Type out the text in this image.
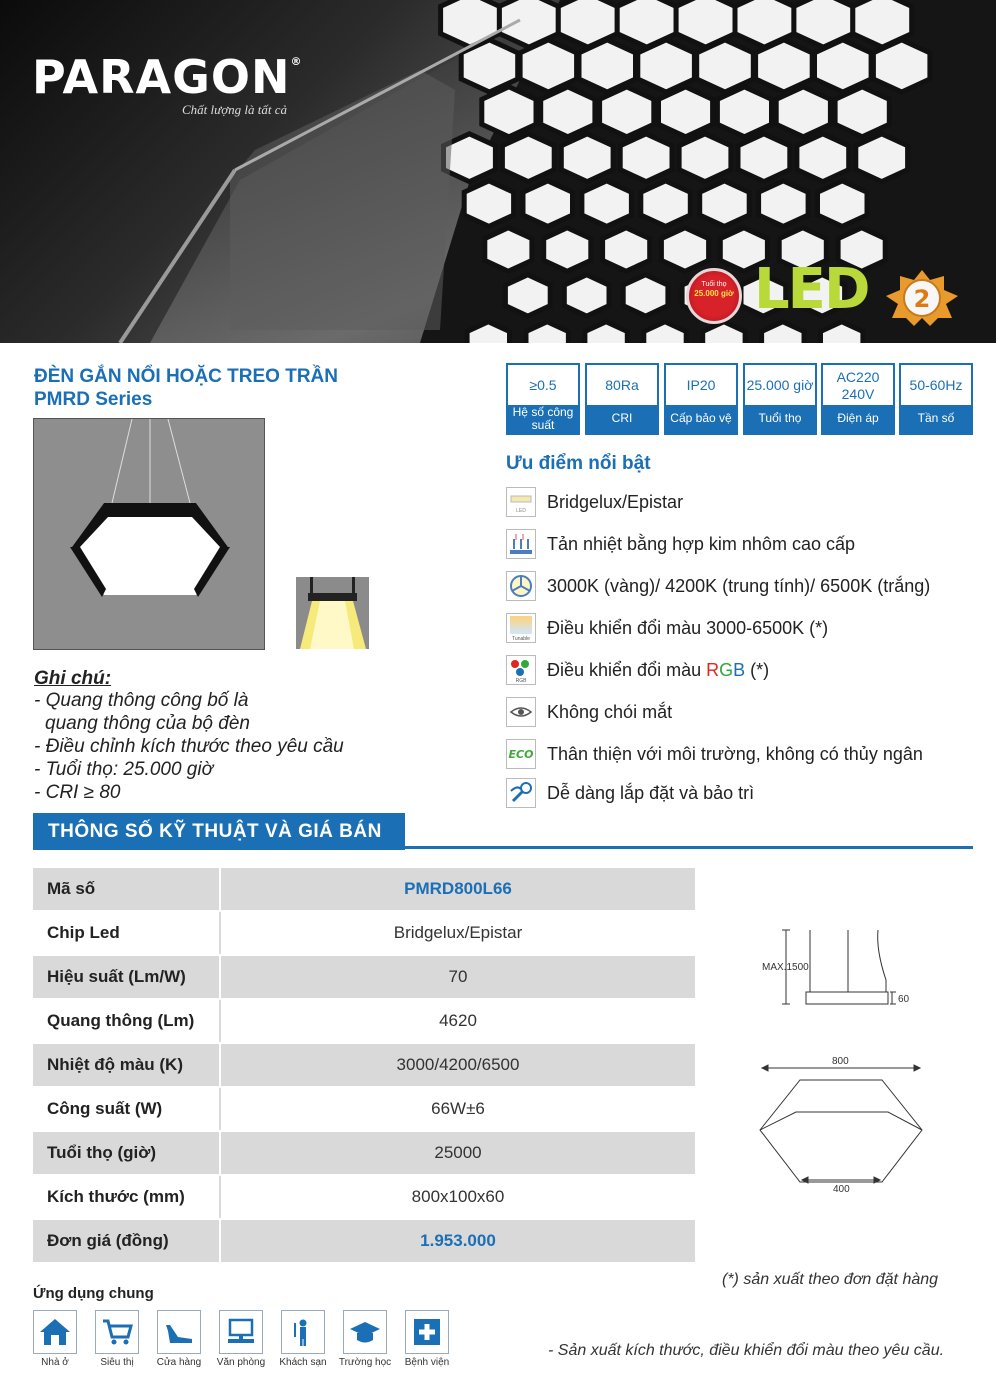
PARAGON®
Chất lượng là tất cả
Tuổi thọ
25.000 giờ LED 2
ĐÈN GẮN NỔI HOẶC TREO TRẦN
PMRD Series
Ghi chú:
- Quang thông công bố là
quang thông của bộ đèn
- Điều chỉnh kích thước theo yêu cầu
- Tuổi thọ: 25.000 giờ
- CRI ≥ 80
≥0.5
Hệ số công suất
80Ra
CRI
IP20
Cấp bảo vệ
25.000 giờ
Tuổi thọ
AC220 240V
Điện áp
50-60Hz
Tần số
Ưu điểm nổi bật
LED Bridgelux/Epistar
Tản nhiệt bằng hợp kim nhôm cao cấp
3000K (vàng)/ 4200K (trung tính)/ 6500K (trắng)
Tunable
Điều khiển đổi màu 3000-6500K (*)
RGB
Điều khiển đổi màu RGB (*)
Không chói mắt
ECO Thân thiện với môi trường, không có thủy ngân
Dễ dàng lắp đặt và bảo trì
THÔNG SỐ KỸ THUẬT VÀ GIÁ BÁN
Mã số	PMRD800L66
Chip Led	Bridgelux/Epistar
Hiệu suất (Lm/W)	70
Quang thông (Lm)	4620
Nhiệt độ màu (K)	3000/4200/6500
Công suất (W)	66W±6
Tuổi thọ (giờ)	25000
Kích thước (mm)	800x100x60
Đơn giá (đồng)	1.953.000
MAX.1500
60
800
400
(*) sản xuất theo đơn đặt hàng
Ứng dụng chung
Nhà ở	Siêu thị	Cửa hàng	Văn phòng	Khách sạn	Trường học	Bệnh viện
- Sản xuất kích thước, điều khiển đổi màu theo yêu cầu.
